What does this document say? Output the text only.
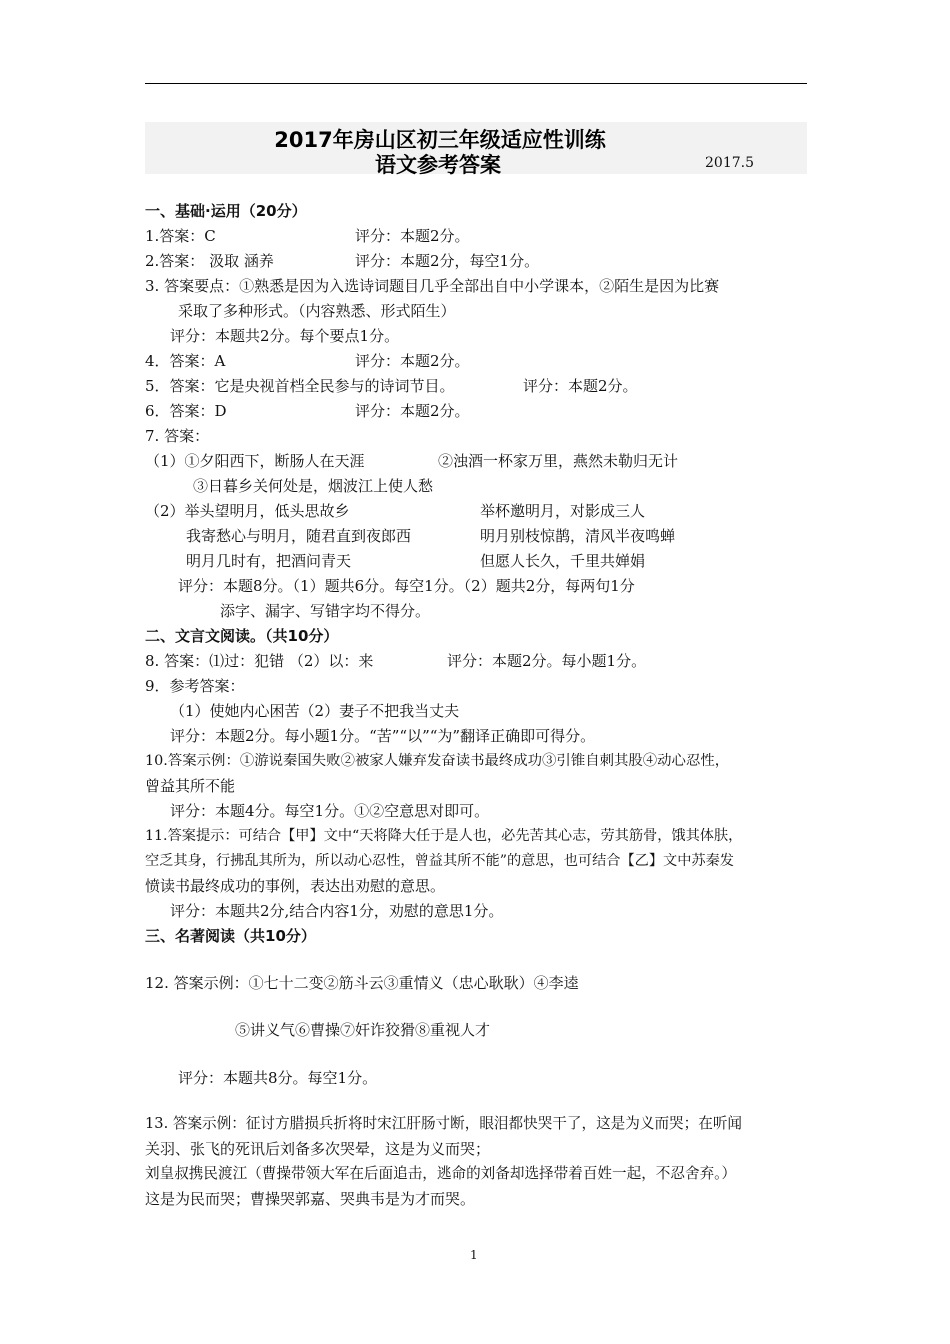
2017年房山区初三年级适应性训练
语文参考答案	2017.5
一、基础·运用（20分）
1.答案：C	评分：本题2分。
2.答案： 汲取 涵养	评分：本题2分，每空1分。
3. 答案要点：①熟悉是因为入选诗词题目几乎全部出自中小学课本，②陌生是因为比赛
采取了多种形式。（内容熟悉、形式陌生）
评分：本题共2分。每个要点1分。
4．答案：A	评分：本题2分。
5．答案：它是央视首档全民参与的诗词节目。	评分：本题2分。
6．答案：D	评分：本题2分。
7. 答案：
（1）①夕阳西下，断肠人在天涯	②浊酒一杯家万里，燕然未勒归无计
③日暮乡关何处是，烟波江上使人愁
（2）举头望明月，低头思故乡	举杯邀明月，对影成三人
我寄愁心与明月，随君直到夜郎西	明月别枝惊鹊，清风半夜鸣蝉
明月几时有，把酒问青天	但愿人长久，千里共婵娟
评分：本题8分。（1）题共6分。每空1分。（2）题共2分，每两句1分
添字、漏字、写错字均不得分。
二、文言文阅读。（共10分）
8. 答案：⑴过：犯错 （2）以：来	评分：本题2分。每小题1分。
9．参考答案：
（1）使她内心困苦（2）妻子不把我当丈夫
评分：本题2分。每小题1分。“苦”“以”“为”翻译正确即可得分。
10.答案示例：①游说秦国失败②被家人嫌弃发奋读书最终成功③引锥自刺其股④动心忍性，
曾益其所不能
评分：本题4分。每空1分。①②空意思对即可。
11.答案提示：可结合【甲】文中“天将降大任于是人也，必先苦其心志，劳其筋骨，饿其体肤，
空乏其身，行拂乱其所为，所以动心忍性，曾益其所不能”的意思，也可结合【乙】文中苏秦发
愤读书最终成功的事例，表达出劝慰的意思。
评分：本题共2分,结合内容1分，劝慰的意思1分。
三、名著阅读（共10分）
12. 答案示例：①七十二变②筋斗云③重情义（忠心耿耿）④李逵
⑤讲义气⑥曹操⑦奸诈狡猾⑧重视人才
评分：本题共8分。每空1分。
13. 答案示例：征讨方腊损兵折将时宋江肝肠寸断，眼泪都快哭干了，这是为义而哭；在听闻
关羽、张飞的死讯后刘备多次哭晕，这是为义而哭；
刘皇叔携民渡江（曹操带领大军在后面追击，逃命的刘备却选择带着百姓一起，不忍舍弃。）
这是为民而哭；曹操哭郭嘉、哭典韦是为才而哭。
1
